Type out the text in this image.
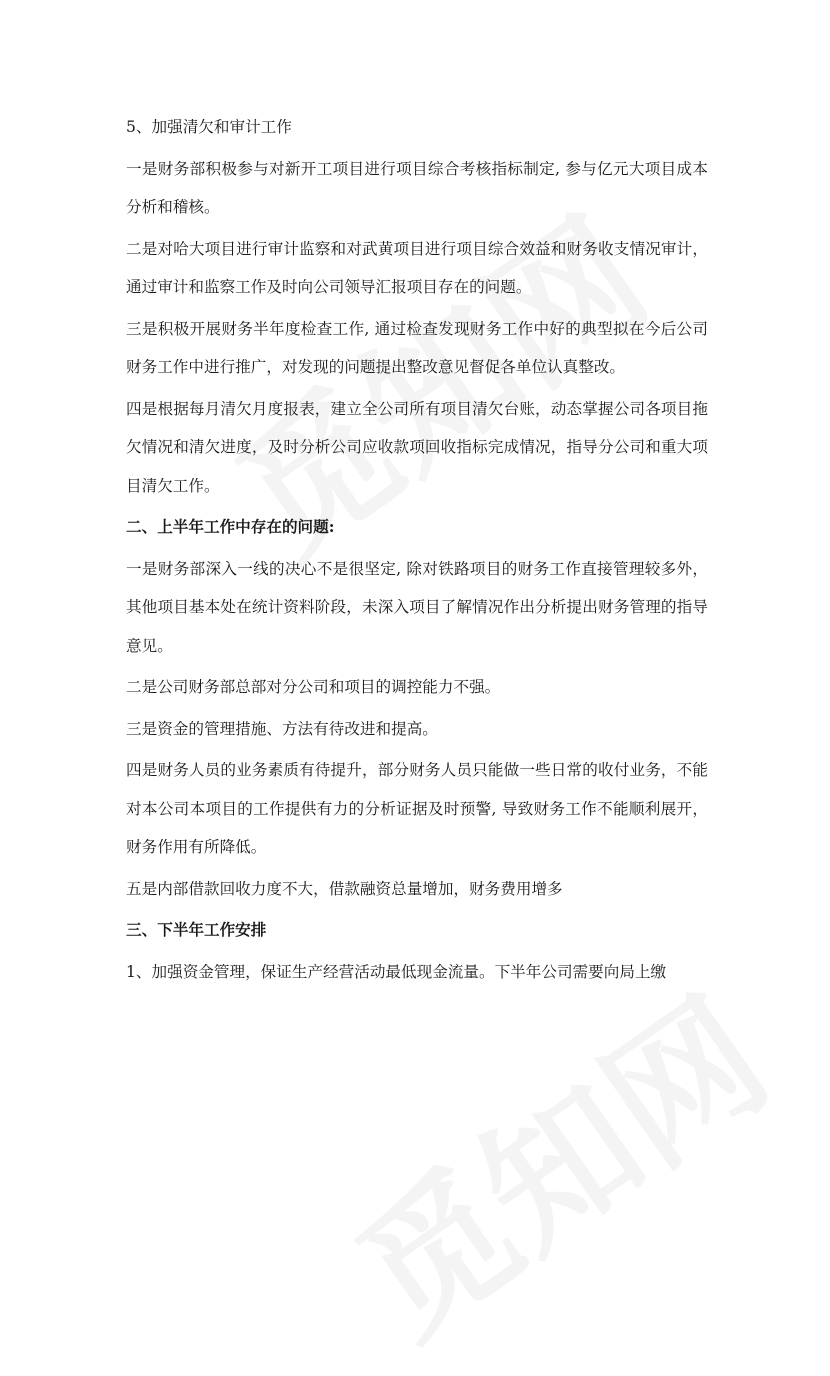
5、加强清欠和审计工作

一是财务部积极参与对新开工项目进行项目综合考核指标制定, 参与亿元大项目成本分析和稽核。

二是对哈大项目进行审计监察和对武黄项目进行项目综合效益和财务收支情况审计，通过审计和监察工作及时向公司领导汇报项目存在的问题。

三是积极开展财务半年度检查工作, 通过检查发现财务工作中好的典型拟在今后公司财务工作中进行推广，对发现的问题提出整改意见督促各单位认真整改。

四是根据每月清欠月度报表，建立全公司所有项目清欠台账，动态掌握公司各项目拖欠情况和清欠进度，及时分析公司应收款项回收指标完成情况，指导分公司和重大项目清欠工作。

二、上半年工作中存在的问题:

一是财务部深入一线的决心不是很坚定, 除对铁路项目的财务工作直接管理较多外，其他项目基本处在统计资料阶段，未深入项目了解情况作出分析提出财务管理的指导意见。

二是公司财务部总部对分公司和项目的调控能力不强。

三是资金的管理措施、方法有待改进和提高。

四是财务人员的业务素质有待提升，部分财务人员只能做一些日常的收付业务，不能对本公司本项目的工作提供有力的分析证据及时预警, 导致财务工作不能顺利展开，财务作用有所降低。

五是内部借款回收力度不大，借款融资总量增加，财务费用增多

三、下半年工作安排

1、加强资金管理，保证生产经营活动最低现金流量。下半年公司需要向局上缴
